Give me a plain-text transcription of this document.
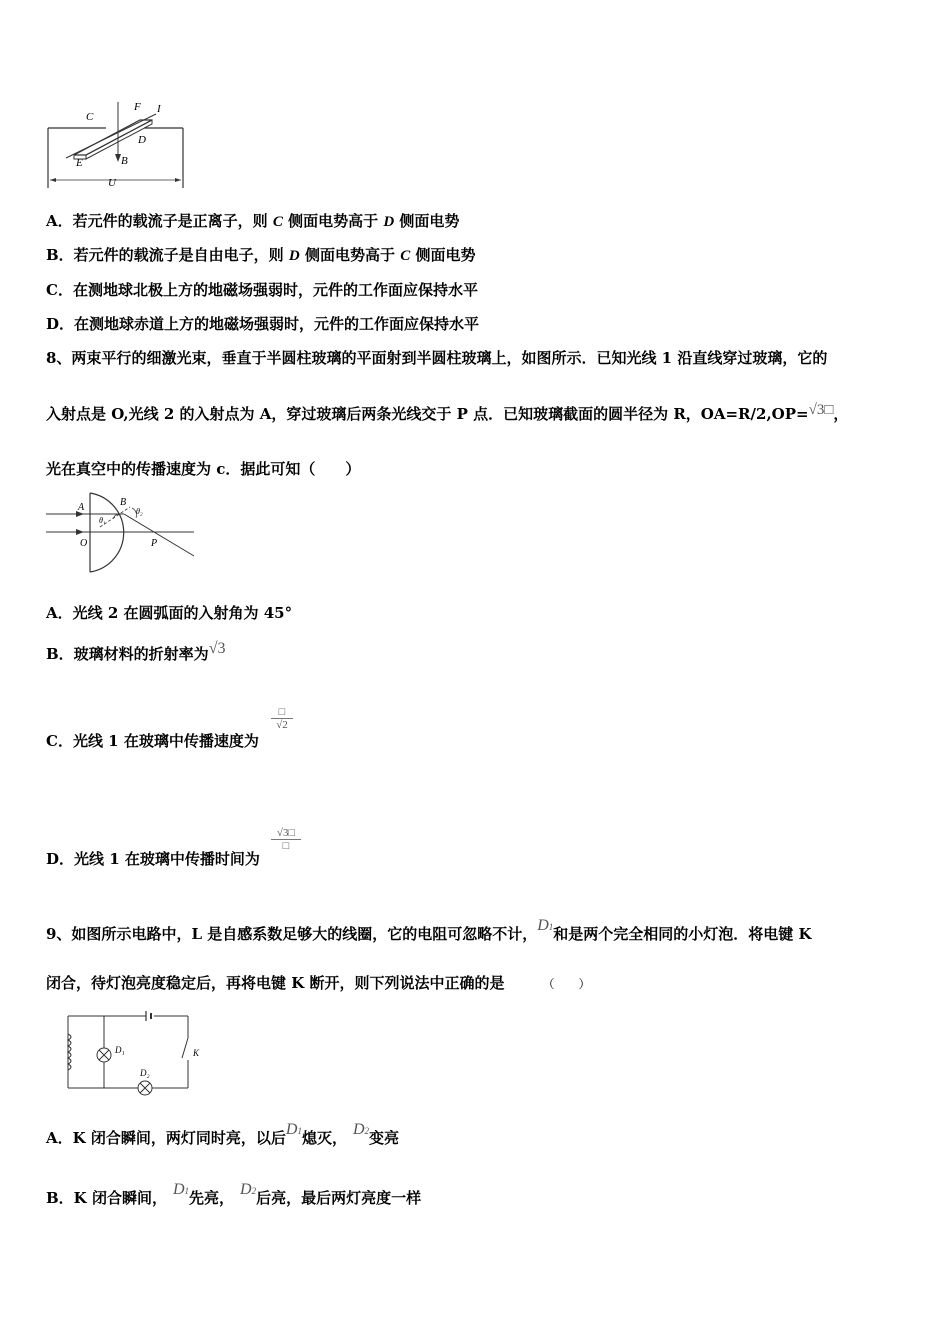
C
F I
D
E	B
U
A．若元件的载流子是正离子，则 C 侧面电势高于 D 侧面电势
B．若元件的载流子是自由电子，则 D 侧面电势高于 C 侧面电势
C．在测地球北极上方的地磁场强弱时，元件的工作面应保持水平
D．在测地球赤道上方的地磁场强弱时，元件的工作面应保持水平
8、两束平行的细激光束，垂直于半圆柱玻璃的平面射到半圆柱玻璃上，如图所示．已知光线 1 沿直线穿过玻璃，它的
入射点是 O,光线 2 的入射点为 A，穿过玻璃后两条光线交于 P 点．已知玻璃截面的圆半径为 R，OA=R/2,OP=√3□，
光在真空中的传播速度为 c．据此可知（　　）
A	B
O	P
θ₁
θ₂
A．光线 2 在圆弧面的入射角为 45°
B．玻璃材料的折射率为√3
C．光线 1 在玻璃中传播速度为
□
√2
D．光线 1 在玻璃中传播时间为
√3□
□
9、如图所示电路中，L 是自感系数足够大的线圈，它的电阻可忽略不计，D1和是两个完全相同的小灯泡．将电键 K
闭合，待灯泡亮度稳定后，再将电键 K 断开，则下列说法中正确的是	（　　）
D₁
D₂
K
A．K 闭合瞬间，两灯同时亮，以后D1熄灭， D2变亮
B．K 闭合瞬间， D1先亮， D2后亮，最后两灯亮度一样
